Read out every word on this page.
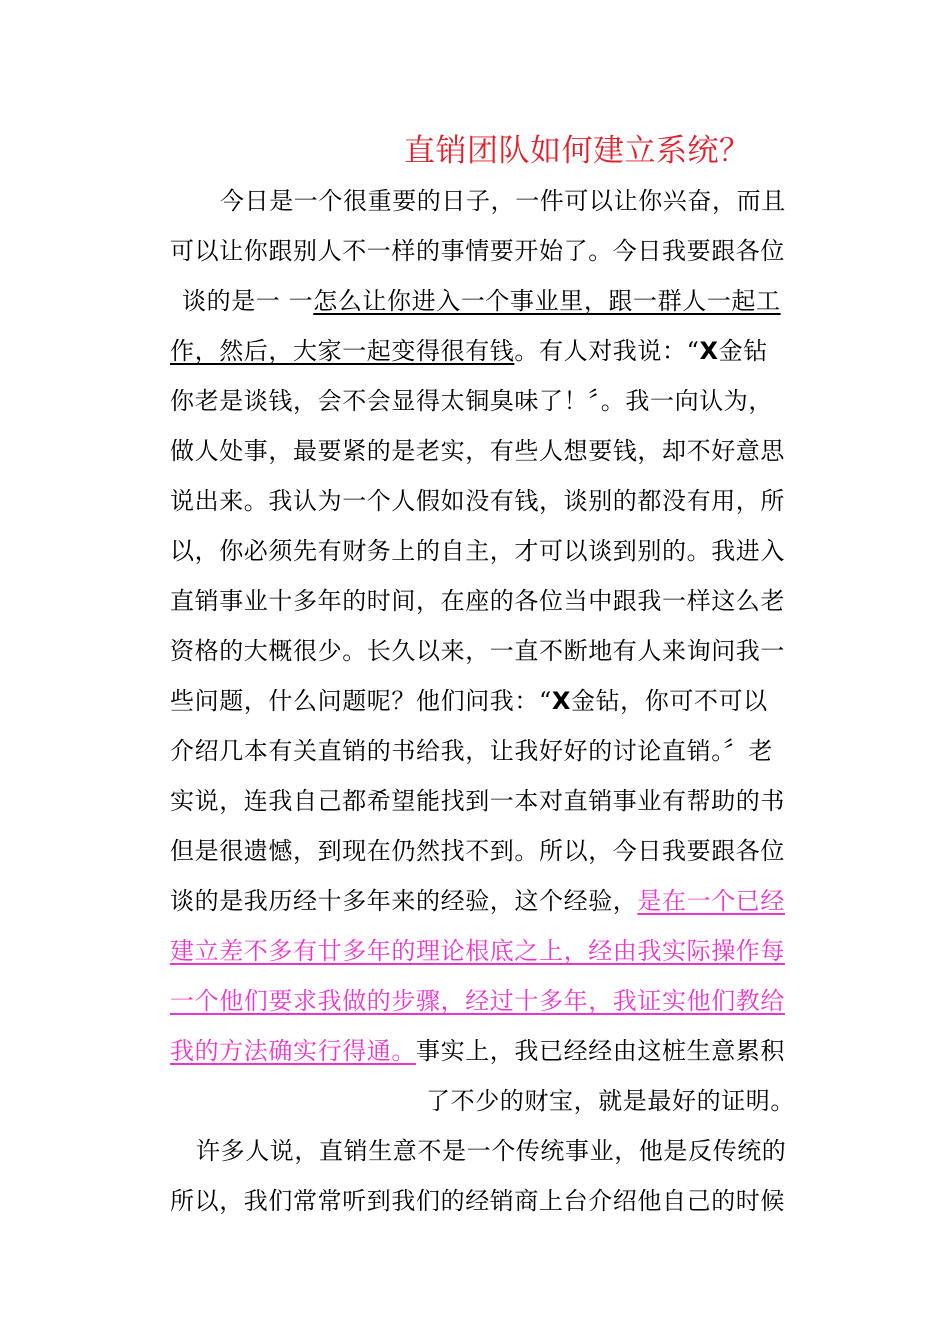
直销团队如何建立系统？
今日是一个很重要的日子，一件可以让你兴奋，而且
可以让你跟别人不一样的事情要开始了。今日我要跟各位
谈的是一 一怎么让你进入一个事业里，跟一群人一起工
作，然后，大家一起变得很有钱。有人对我说：“X金钻
你老是谈钱，会不会显得太铜臭味了！〞。我一向认为，
做人处事，最要紧的是老实，有些人想要钱，却不好意思
说出来。我认为一个人假如没有钱，谈别的都没有用，所
以，你必须先有财务上的自主，才可以谈到别的。我进入
直销事业十多年的时间，在座的各位当中跟我一样这么老
资格的大概很少。长久以来，一直不断地有人来询问我一
些问题，什么问题呢？他们问我：“X金钻，你可不可以
介绍几本有关直销的书给我，让我好好的讨论直销。〞老
实说，连我自己都希望能找到一本对直销事业有帮助的书
但是很遗憾，到现在仍然找不到。所以，今日我要跟各位
谈的是我历经十多年来的经验，这个经验，是在一个已经
建立差不多有廿多年的理论根底之上，经由我实际操作每
一个他们要求我做的步骤，经过十多年，我证实他们教给
我的方法确实行得通。事实上，我已经经由这桩生意累积
了不少的财宝，就是最好的证明。
许多人说，直销生意不是一个传统事业，他是反传统的
所以，我们常常听到我们的经销商上台介绍他自己的时候
